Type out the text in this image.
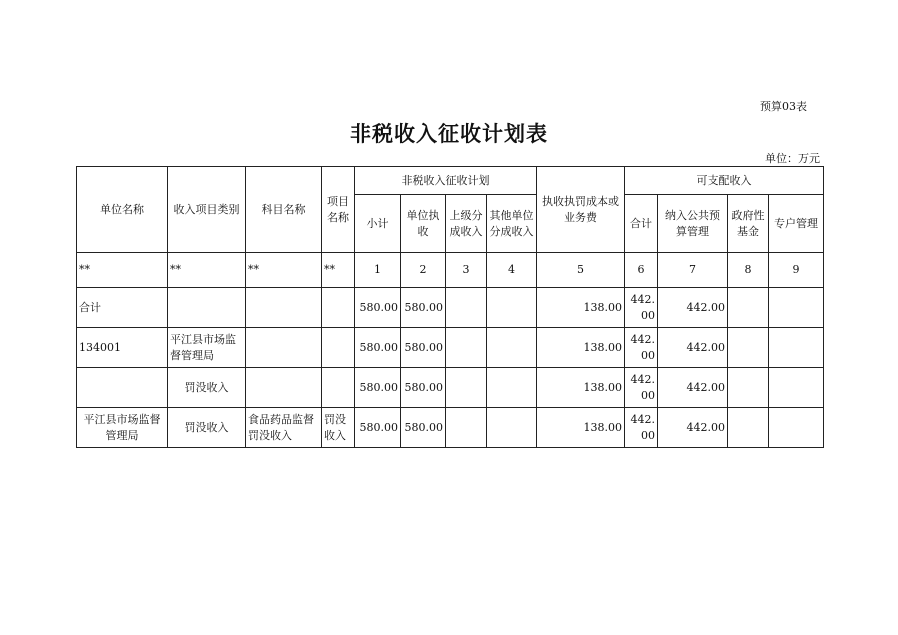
预算03表
非税收入征收计划表
单位：万元
单位名称	收入项目类别	科目名称	项目名称	非税收入征收计划				执收执罚成本或业务费	可支配收入			
				小计	单位执收	上级分成收入	其他单位分成收入		合计	纳入公共预算管理	政府性基金	专户管理
**	**	**	**	1	2	3	4	5	6	7	8	9
合计				580.00	580.00			138.00	442.00	442.00		
134001	平江县市场监督管理局			580.00	580.00			138.00	442.00	442.00		
	罚没收入			580.00	580.00			138.00	442.00	442.00		
平江县市场监督管理局	罚没收入	食品药品监督罚没收入	罚没收入	580.00	580.00			138.00	442.00	442.00		
